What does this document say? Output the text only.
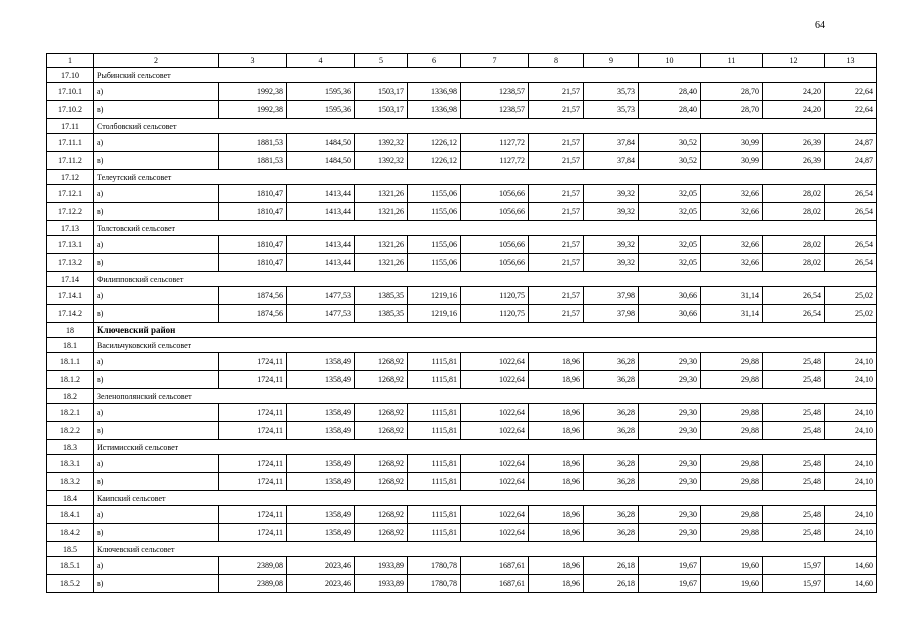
64
1	2	3	4	5	6	7	8	9	10	11	12	13
17.10	Рыбинский сельсовет											
17.10.1	а)	1992,38	1595,36	1503,17	1336,98	1238,57	21,57	35,73	28,40	28,70	24,20	22,64
17.10.2	в)	1992,38	1595,36	1503,17	1336,98	1238,57	21,57	35,73	28,40	28,70	24,20	22,64
17.11	Столбовский сельсовет											
17.11.1	а)	1881,53	1484,50	1392,32	1226,12	1127,72	21,57	37,84	30,52	30,99	26,39	24,87
17.11.2	в)	1881,53	1484,50	1392,32	1226,12	1127,72	21,57	37,84	30,52	30,99	26,39	24,87
17.12	Телеутский сельсовет											
17.12.1	а)	1810,47	1413,44	1321,26	1155,06	1056,66	21,57	39,32	32,05	32,66	28,02	26,54
17.12.2	в)	1810,47	1413,44	1321,26	1155,06	1056,66	21,57	39,32	32,05	32,66	28,02	26,54
17.13	Толстовский сельсовет											
17.13.1	а)	1810,47	1413,44	1321,26	1155,06	1056,66	21,57	39,32	32,05	32,66	28,02	26,54
17.13.2	в)	1810,47	1413,44	1321,26	1155,06	1056,66	21,57	39,32	32,05	32,66	28,02	26,54
17.14	Филипповский сельсовет											
17.14.1	а)	1874,56	1477,53	1385,35	1219,16	1120,75	21,57	37,98	30,66	31,14	26,54	25,02
17.14.2	в)	1874,56	1477,53	1385,35	1219,16	1120,75	21,57	37,98	30,66	31,14	26,54	25,02
18	Ключевский район											
18.1	Васильчуковский сельсовет											
18.1.1	а)	1724,11	1358,49	1268,92	1115,81	1022,64	18,96	36,28	29,30	29,88	25,48	24,10
18.1.2	в)	1724,11	1358,49	1268,92	1115,81	1022,64	18,96	36,28	29,30	29,88	25,48	24,10
18.2	Зеленополянский сельсовет											
18.2.1	а)	1724,11	1358,49	1268,92	1115,81	1022,64	18,96	36,28	29,30	29,88	25,48	24,10
18.2.2	в)	1724,11	1358,49	1268,92	1115,81	1022,64	18,96	36,28	29,30	29,88	25,48	24,10
18.3	Истимисский сельсовет											
18.3.1	а)	1724,11	1358,49	1268,92	1115,81	1022,64	18,96	36,28	29,30	29,88	25,48	24,10
18.3.2	в)	1724,11	1358,49	1268,92	1115,81	1022,64	18,96	36,28	29,30	29,88	25,48	24,10
18.4	Каипский сельсовет											
18.4.1	а)	1724,11	1358,49	1268,92	1115,81	1022,64	18,96	36,28	29,30	29,88	25,48	24,10
18.4.2	в)	1724,11	1358,49	1268,92	1115,81	1022,64	18,96	36,28	29,30	29,88	25,48	24,10
18.5	Ключевский сельсовет											
18.5.1	а)	2389,08	2023,46	1933,89	1780,78	1687,61	18,96	26,18	19,67	19,60	15,97	14,60
18.5.2	в)	2389,08	2023,46	1933,89	1780,78	1687,61	18,96	26,18	19,67	19,60	15,97	14,60
